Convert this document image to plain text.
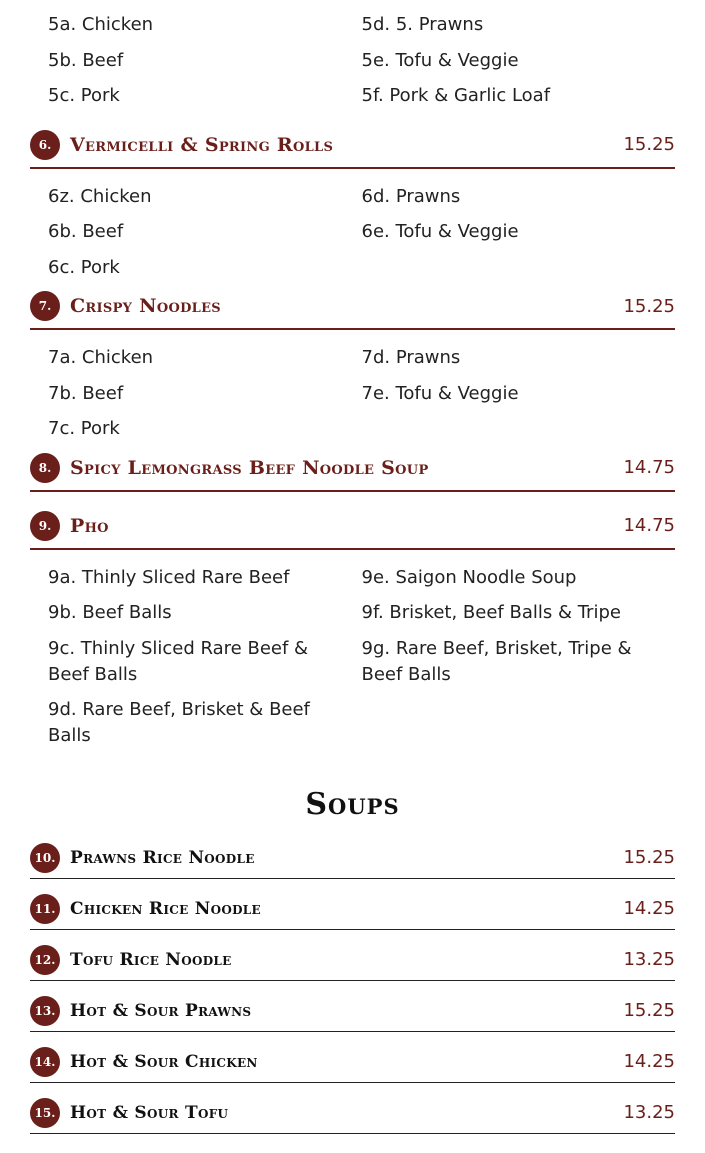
5a. Chicken	5d. 5. Prawns
5b. Beef	5e. Tofu & Veggie
5c. Pork	5f. Pork & Garlic Loaf
6. Vermicelli & Spring Rolls	15.25
6z. Chicken	6d. Prawns
6b. Beef	6e. Tofu & Veggie
6c. Pork
7. Crispy Noodles	15.25
7a. Chicken	7d. Prawns
7b. Beef	7e. Tofu & Veggie
7c. Pork
8. Spicy Lemongrass Beef Noodle Soup	14.75
9. Pho	14.75
9a. Thinly Sliced Rare Beef	9e. Saigon Noodle Soup
9b. Beef Balls	9f. Brisket, Beef Balls & Tripe
9c. Thinly Sliced Rare Beef & Beef Balls
9g. Rare Beef, Brisket, Tripe & Beef Balls
9d. Rare Beef, Brisket & Beef Balls
Soups
10. Prawns Rice Noodle	15.25
11. Chicken Rice Noodle	14.25
12. Tofu Rice Noodle	13.25
13. Hot & Sour Prawns	15.25
14. Hot & Sour Chicken	14.25
15. Hot & Sour Tofu	13.25
